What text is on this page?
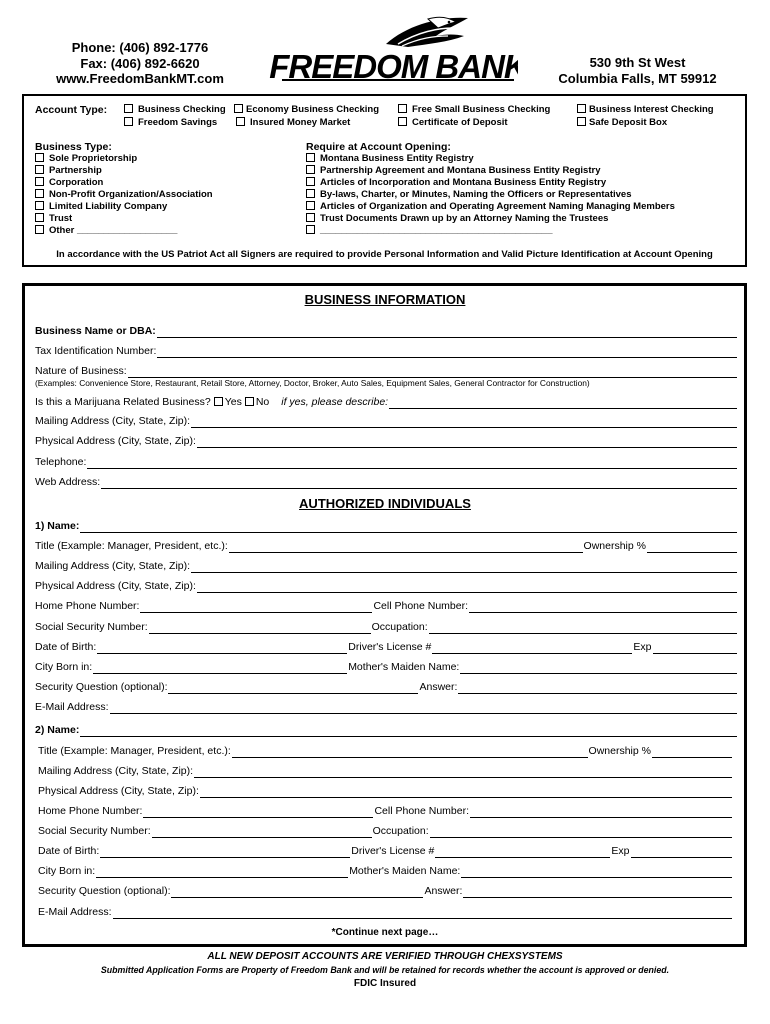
Phone: (406) 892-1776
Fax: (406) 892-6620
www.FreedomBankMT.com	FREEDOM BANK	530 9th St West
Columbia Falls, MT 59912
Account Type:	Business Checking	Economy Business Checking	Free Small Business Checking	Business Interest Checking
Freedom Savings	Insured Money Market	Certificate of Deposit	Safe Deposit Box
Business Type:
Sole Proprietorship
Partnership
Corporation
Non-Profit Organization/Association
Limited Liability Company
Trust
Other ___________________
Require at Account Opening:
Montana Business Entity Registry
Partnership Agreement and Montana Business Entity Registry
Articles of Incorporation and Montana Business Entity Registry
By-laws, Charter, or Minutes, Naming the Officers or Representatives
Articles of Organization and Operating Agreement Naming Managing Members
Trust Documents Drawn up by an Attorney Naming the Trustees
____________________________________________
In accordance with the US Patriot Act all Signers are required to provide Personal Information and Valid Picture Identification at Account Opening
BUSINESS INFORMATION
Business Name or DBA:
Tax Identification Number:
Nature of Business:
(Examples: Convenience Store, Restaurant, Retail Store, Attorney, Doctor, Broker, Auto Sales, Equipment Sales, General Contractor for Construction)
Is this a Marijuana Related Business?	Yes	No if yes, please describe:
Mailing Address (City, State, Zip):
Physical Address (City, State, Zip):
Telephone:
Web Address:
AUTHORIZED INDIVIDUALS
1) Name:
Title (Example: Manager, President, etc.):	Ownership %
Mailing Address (City, State, Zip):
Physical Address (City, State, Zip):
Home Phone Number:	Cell Phone Number:
Social Security Number:	Occupation:
Date of Birth:	Driver's License #	Exp
City Born in:	Mother's Maiden Name:
Security Question (optional):	Answer:
E-Mail Address:
2) Name:
Title (Example: Manager, President, etc.):	Ownership %
Mailing Address (City, State, Zip):
Physical Address (City, State, Zip):
Home Phone Number:	Cell Phone Number:
Social Security Number:	Occupation:
Date of Birth:	Driver's License #	Exp
City Born in:	Mother's Maiden Name:
Security Question (optional):	Answer:
E-Mail Address:
*Continue next page…
ALL NEW DEPOSIT ACCOUNTS ARE VERIFIED THROUGH CHEXSYSTEMS
Submitted Application Forms are Property of Freedom Bank and will be retained for records whether the account is approved or denied.
FDIC Insured
